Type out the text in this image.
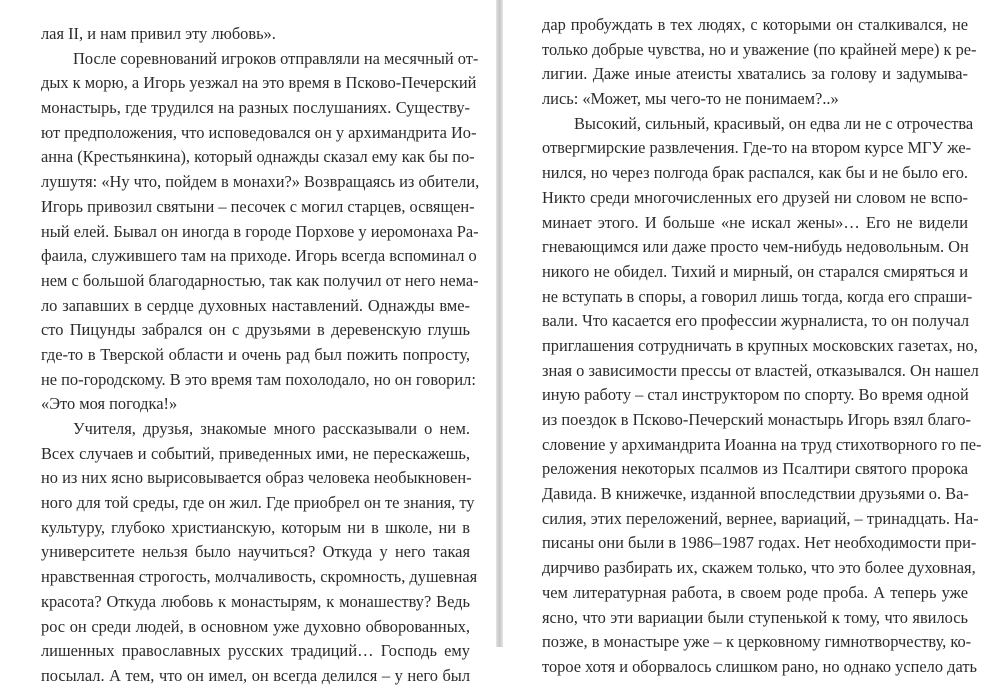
лая II, и нам привил эту любовь».
После соревнований игроков отправляли на месячный от-
дых к морю, а Игорь уезжал на это время в Псково-Печерский
монастырь, где трудился на разных послушаниях. Существу-
ют предположения, что исповедовался он у архимандрита Иo-
анна (Крестьянкина), который однажды сказал ему как бы по-
лушутя: «Ну что, пойдем в монахи?» Возвращаясь из обители,
Игорь привозил святыни – песочек с могил старцев, освящен-
ный елей. Бывал он иногда в городе Порхове у иеромонаха Ра-
фаила, служившего там на приходе. Игорь всегда вспоминал о
нем с большой благодарностью, так как получил от него нема-
ло запавших в сердце духовных наставлений. Однажды вме-
сто Пицунды забрался он с друзьями в деревенскую глушь
где-то в Тверской области и очень рад был пожить попросту,
не по-городскому. В это время там похолодало, но он говорил:
«Это моя погодка!»
Учителя, друзья, знакомые много рассказывали о нем.
Всех случаев и событий, приведенных ими, не перескажешь,
но из них ясно вырисовывается образ человека необыкновен-
ного для той среды, где он жил. Где приобрел он те знания, ту
культуру, глубоко христианскую, которым ни в школе, ни в
университете нельзя было научиться? Откуда у него такая
нравственная строгость, молчаливость, скромность, душевная
красота? Откуда любовь к монастырям, к монашеству? Ведь
рос он среди людей, в основном уже духовно обворованных,
лишенных православных русских традиций… Господь ему
посылал. А тем, что он имел, он всегда делился – у него был
дар пробуждать в тех людях, с которыми он сталкивался, не
только добрые чувства, но и уважение (по крайней мере) к ре-
лигии. Даже иные атеисты хватались за голову и задумыва-
лись: «Может, мы чего-то не понимаем?..»
Высокий, сильный, красивый, он едва ли не с отрочества
отвергмирские развлечения. Где-то на втором курсе МГУ же-
нился, но через полгода брак распался, как бы и не было его.
Никто среди многочисленных его друзей ни словом не вспо-
минает этого. И больше «не искал жены»… Его не видели
гневающимся или даже просто чем-нибудь недовольным. Он
никого не обидел. Тихий и мирный, он старался смиряться и
не вступать в споры, а говорил лишь тогда, когда его спраши-
вали. Что касается его профессии журналиста, то он получал
приглашения сотрудничать в крупных московских газетах, но,
зная о зависимости прессы от властей, отказывался. Он нашел
иную работу – стал инструктором по спорту. Во время одной
из поездок в Псково-Печерский монастырь Игорь взял благо-
словение у архимандрита Иоанна на труд стихотворного го пе-
реложения некоторых псалмов из Псалтири святого пророка
Давида. В книжечке, изданной впоследствии друзьями о. Ва-
силия, этих переложений, вернее, вариаций, – тринадцать. На-
писаны они были в 1986–1987 годах. Нет необходимости при-
дирчиво разбирать их, скажем только, что это более духовная,
чем литературная работа, в своем роде проба. А теперь уже
ясно, что эти вариации были ступенькой к тому, что явилось
позже, в монастыре уже – к церковному гимнотворчеству, ко-
торое хотя и оборвалось слишком рано, но однако успело дать
